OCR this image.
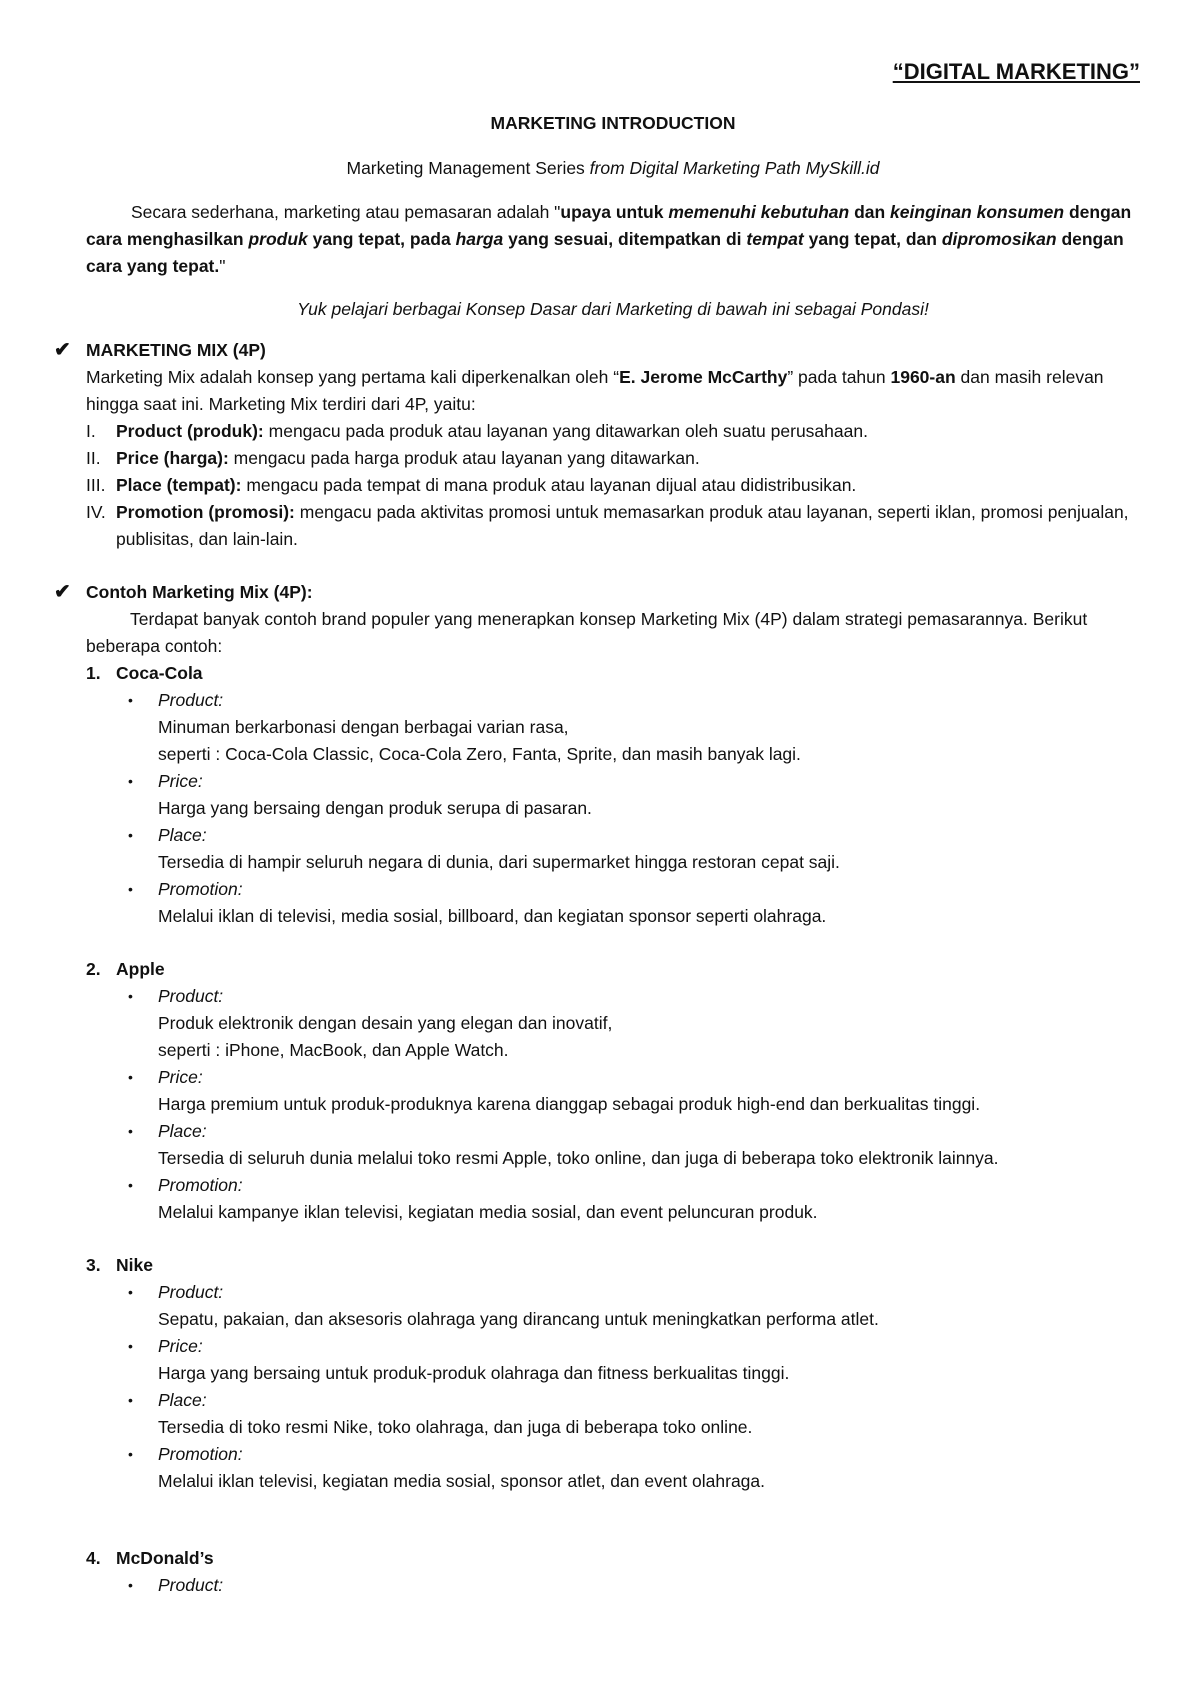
“DIGITAL MARKETING”
MARKETING INTRODUCTION
Marketing Management Series from Digital Marketing Path MySkill.id
Secara sederhana, marketing atau pemasaran adalah "upaya untuk memenuhi kebutuhan dan keinginan konsumen dengan cara menghasilkan produk yang tepat, pada harga yang sesuai, ditempatkan di tempat yang tepat, dan dipromosikan dengan cara yang tepat."
Yuk pelajari berbagai Konsep Dasar dari Marketing di bawah ini sebagai Pondasi!
✔ MARKETING MIX (4P)
Marketing Mix adalah konsep yang pertama kali diperkenalkan oleh “E. Jerome McCarthy” pada tahun 1960-an dan masih relevan hingga saat ini. Marketing Mix terdiri dari 4P, yaitu:
I. Product (produk): mengacu pada produk atau layanan yang ditawarkan oleh suatu perusahaan.
II. Price (harga): mengacu pada harga produk atau layanan yang ditawarkan.
III. Place (tempat): mengacu pada tempat di mana produk atau layanan dijual atau didistribusikan.
IV. Promotion (promosi): mengacu pada aktivitas promosi untuk memasarkan produk atau layanan, seperti iklan, promosi penjualan, publisitas, dan lain-lain.
✔ Contoh Marketing Mix (4P):
Terdapat banyak contoh brand populer yang menerapkan konsep Marketing Mix (4P) dalam strategi pemasarannya. Berikut beberapa contoh:
1. Coca-Cola
• Product:
Minuman berkarbonasi dengan berbagai varian rasa,
seperti : Coca-Cola Classic, Coca-Cola Zero, Fanta, Sprite, dan masih banyak lagi.
• Price:
Harga yang bersaing dengan produk serupa di pasaran.
• Place:
Tersedia di hampir seluruh negara di dunia, dari supermarket hingga restoran cepat saji.
• Promotion:
Melalui iklan di televisi, media sosial, billboard, dan kegiatan sponsor seperti olahraga.
2. Apple
• Product:
Produk elektronik dengan desain yang elegan dan inovatif,
seperti : iPhone, MacBook, dan Apple Watch.
• Price:
Harga premium untuk produk-produknya karena dianggap sebagai produk high-end dan berkualitas tinggi.
• Place:
Tersedia di seluruh dunia melalui toko resmi Apple, toko online, dan juga di beberapa toko elektronik lainnya.
• Promotion:
Melalui kampanye iklan televisi, kegiatan media sosial, dan event peluncuran produk.
3. Nike
• Product:
Sepatu, pakaian, dan aksesoris olahraga yang dirancang untuk meningkatkan performa atlet.
• Price:
Harga yang bersaing untuk produk-produk olahraga dan fitness berkualitas tinggi.
• Place:
Tersedia di toko resmi Nike, toko olahraga, dan juga di beberapa toko online.
• Promotion:
Melalui iklan televisi, kegiatan media sosial, sponsor atlet, dan event olahraga.
4. McDonald’s
• Product:
